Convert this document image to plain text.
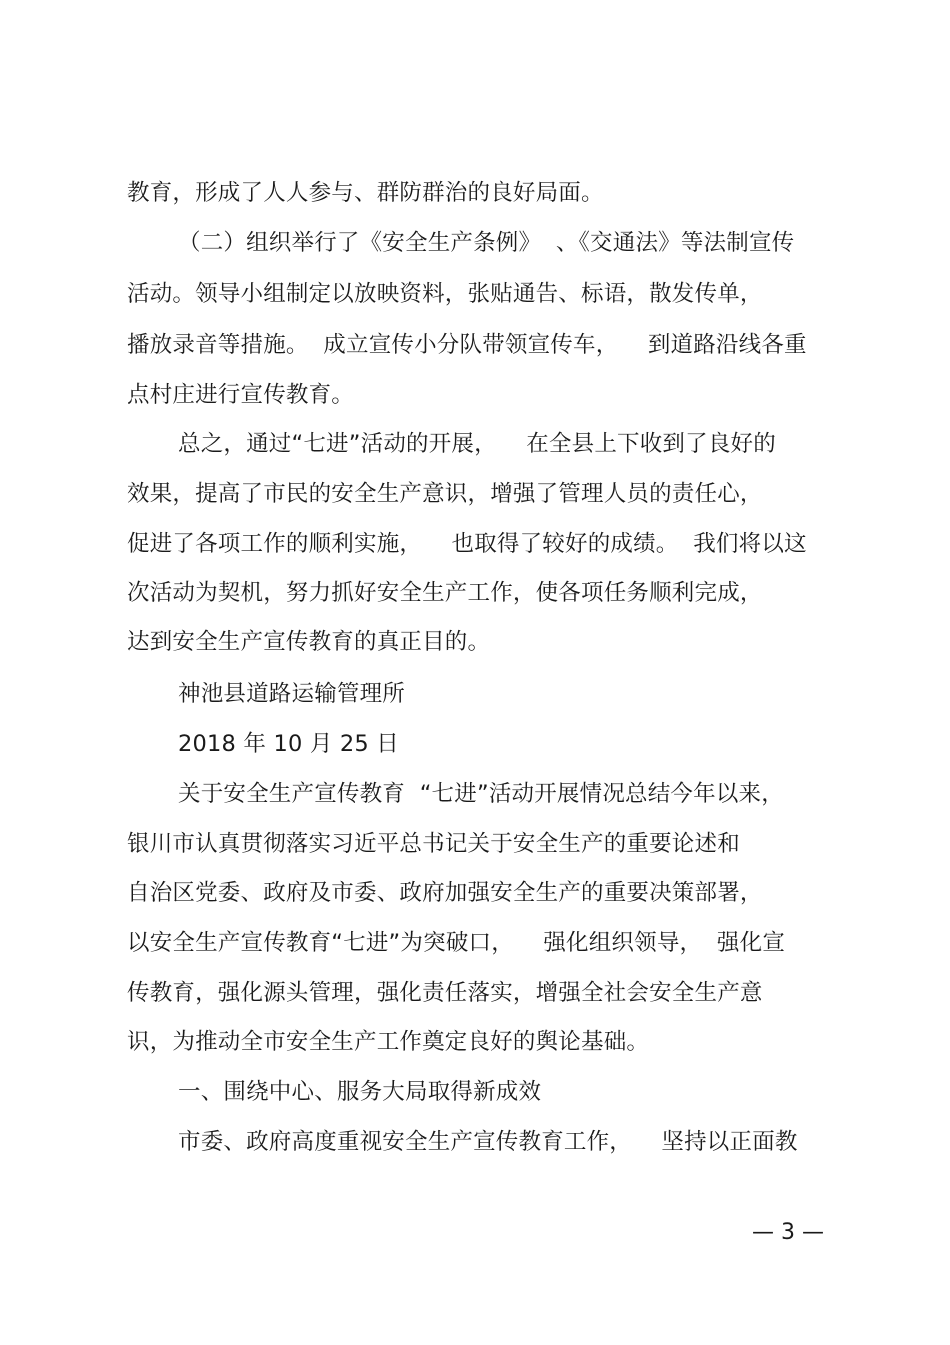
教育，形成了人人参与、群防群治的良好局面。
（二）组织举行了《安全生产条例》  、《交通法》等法制宣传
活动。领导小组制定以放映资料，张贴通告、标语，散发传单，
播放录音等措施。  成立宣传小分队带领宣传车，    到道路沿线各重
点村庄进行宣传教育。
总之，通过“七进”活动的开展，    在全县上下收到了良好的
效果，提高了市民的安全生产意识，增强了管理人员的责任心，
促进了各项工作的顺利实施，    也取得了较好的成绩。  我们将以这
次活动为契机，努力抓好安全生产工作，使各项任务顺利完成，
达到安全生产宣传教育的真正目的。
神池县道路运输管理所
2018 年 10 月 25 日
关于安全生产宣传教育  “七进”活动开展情况总结今年以来，
银川市认真贯彻落实习近平总书记关于安全生产的重要论述和
自治区党委、政府及市委、政府加强安全生产的重要决策部署，
以安全生产宣传教育“七进”为突破口，    强化组织领导，  强化宣
传教育，强化源头管理，强化责任落实，增强全社会安全生产意
识，为推动全市安全生产工作奠定良好的舆论基础。
一、围绕中心、服务大局取得新成效
市委、政府高度重视安全生产宣传教育工作，    坚持以正面教
— 3 —
